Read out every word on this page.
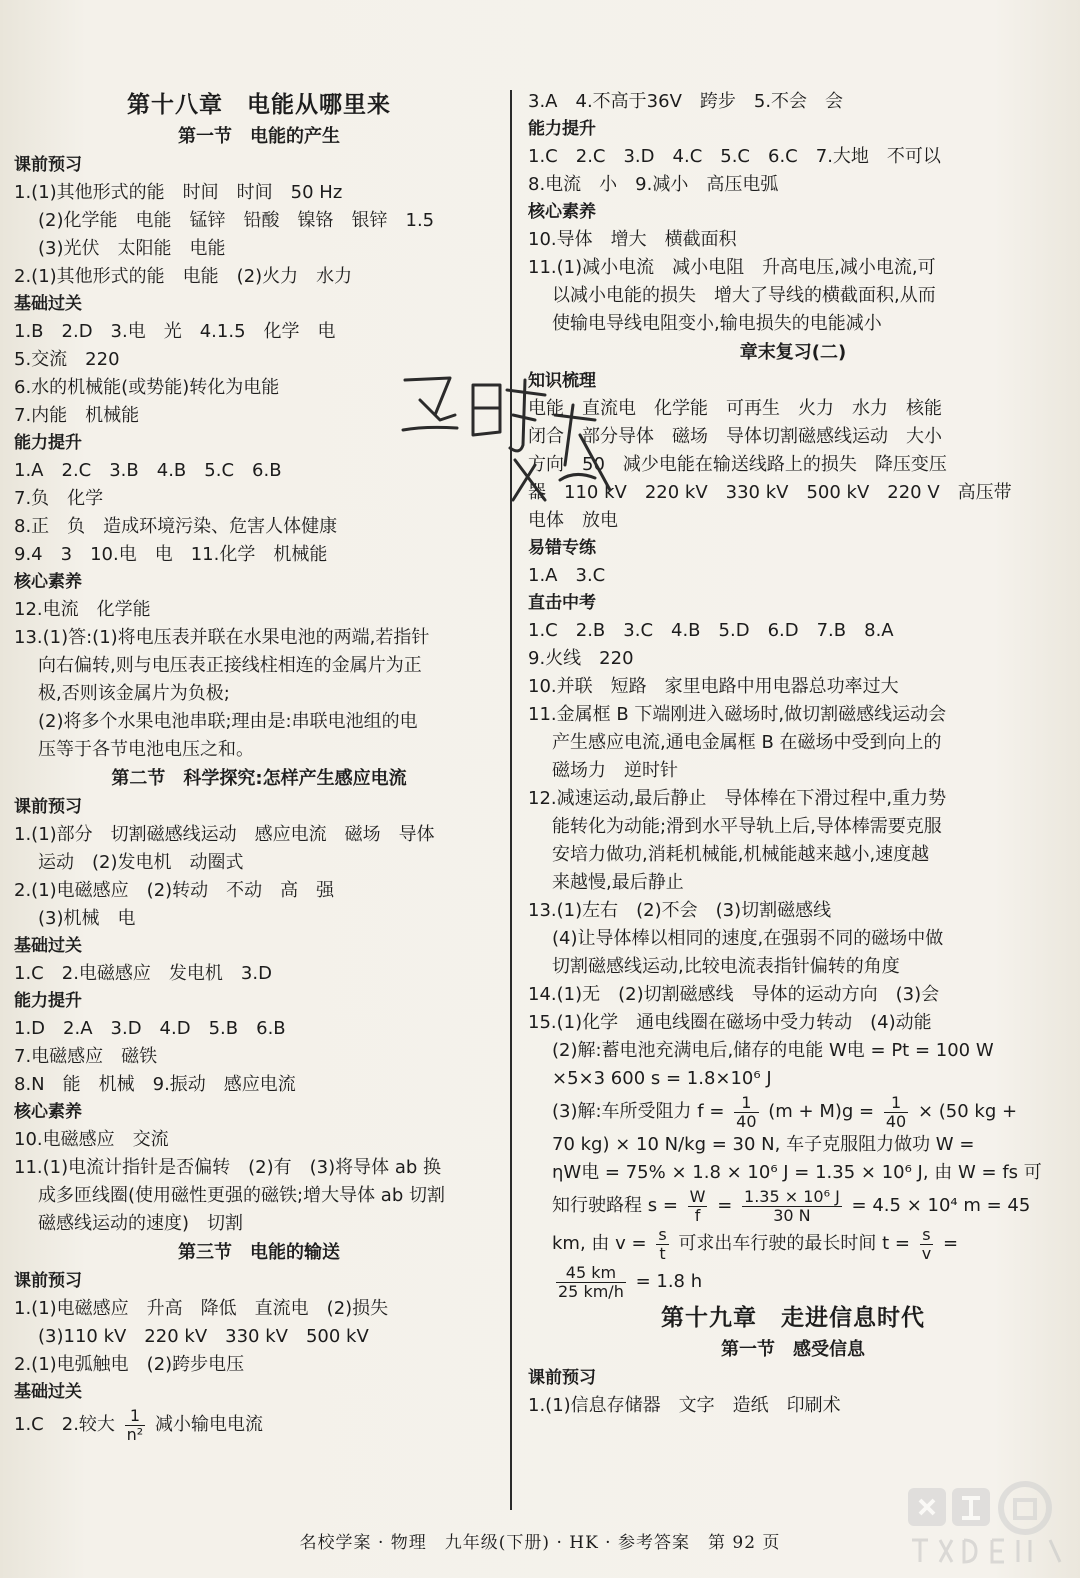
第十八章　电能从哪里来
第一节　电能的产生
课前预习
1.(1)其他形式的能　时间　时间　50 Hz
(2)化学能　电能　锰锌　铅酸　镍铬　银锌　1.5
(3)光伏　太阳能　电能
2.(1)其他形式的能　电能　(2)火力　水力
基础过关
1.B　2.D　3.电　光　4.1.5　化学　电
5.交流　220
6.水的机械能(或势能)转化为电能
7.内能　机械能
能力提升
1.A　2.C　3.B　4.B　5.C　6.B
7.负　化学
8.正　负　造成环境污染、危害人体健康
9.4　3　10.电　电　11.化学　机械能
核心素养
12.电流　化学能
13.(1)答:(1)将电压表并联在水果电池的两端,若指针
向右偏转,则与电压表正接线柱相连的金属片为正
极,否则该金属片为负极;
(2)将多个水果电池串联;理由是:串联电池组的电
压等于各节电池电压之和。
第二节　科学探究:怎样产生感应电流
课前预习
1.(1)部分　切割磁感线运动　感应电流　磁场　导体
运动　(2)发电机　动圈式
2.(1)电磁感应　(2)转动　不动　高　强
(3)机械　电
基础过关
1.C　2.电磁感应　发电机　3.D
能力提升
1.D　2.A　3.D　4.D　5.B　6.B
7.电磁感应　磁铁
8.N　能　机械　9.振动　感应电流
核心素养
10.电磁感应　交流
11.(1)电流计指针是否偏转　(2)有　(3)将导体 ab 换
成多匝线圈(使用磁性更强的磁铁;增大导体 ab 切割
磁感线运动的速度)　切割
第三节　电能的输送
课前预习
1.(1)电磁感应　升高　降低　直流电　(2)损失
(3)110 kV　220 kV　330 kV　500 kV
2.(1)电弧触电　(2)跨步电压
基础过关
1.C　2.较大 $\frac{1}{\text{n²}}$ 减小输电电流
3.A　4.不高于36V　跨步　5.不会　会
能力提升
1.C　2.C　3.D　4.C　5.C　6.C　7.大地　不可以
8.电流　小　9.减小　高压电弧
核心素养
10.导体　增大　横截面积
11.(1)减小电流　减小电阻　升高电压,减小电流,可
以减小电能的损失　增大了导线的横截面积,从而
使输电导线电阻变小,输电损失的电能减小
章末复习(二)
知识梳理
电能　直流电　化学能　可再生　火力　水力　核能
闭合　部分导体　磁场　导体切割磁感线运动　大小
方向　50　减少电能在输送线路上的损失　降压变压
器　110 kV　220 kV　330 kV　500 kV　220 V　高压带
电体　放电
易错专练
1.A　3.C
直击中考
1.C　2.B　3.C　4.B　5.D　6.D　7.B　8.A
9.火线　220
10.并联　短路　家里电路中用电器总功率过大
11.金属框 B 下端刚进入磁场时,做切割磁感线运动会
产生感应电流,通电金属框 B 在磁场中受到向上的
磁场力　逆时针
12.减速运动,最后静止　导体棒在下滑过程中,重力势
能转化为动能;滑到水平导轨上后,导体棒需要克服
安培力做功,消耗机械能,机械能越来越小,速度越
来越慢,最后静止
13.(1)左右　(2)不会　(3)切割磁感线
(4)让导体棒以相同的速度,在强弱不同的磁场中做
切割磁感线运动,比较电流表指针偏转的角度
14.(1)无　(2)切割磁感线　导体的运动方向　(3)会
15.(1)化学　通电线圈在磁场中受力转动　(4)动能
(2)解:蓄电池充满电后,储存的电能 W电 = Pt = 100 W
×5×3 600 s = 1.8×10⁶ J
(3)解:车所受阻力 $f = \frac{1}{40} (m + M)g = \frac{1}{40} \times (50$ kg +
70 kg) × 10 N/kg = 30 N, 车子克服阻力做功 W =
ηW电 = 75% × 1.8 × 10⁶ J = 1.35 × 10⁶ J, 由 W = fs 可
知行驶路程 $s = \frac{W}{f} = \frac{\text{1.35 × 10⁶ J}}{30 N} = 4.5 \times 10^4$ m = 45
km, 由 $v = \frac{s}{t}$ 可求出车行驶的最长时间 $t = \frac{s}{v}$ =
$\frac{45 km}{25 km/h} = 1.8$ h
第十九章　走进信息时代
第一节　感受信息
课前预习
1.(1)信息存储器　文字　造纸　印刷术
名校学案 · 物理　九年级(下册) · HK · 参考答案　第 92 页
